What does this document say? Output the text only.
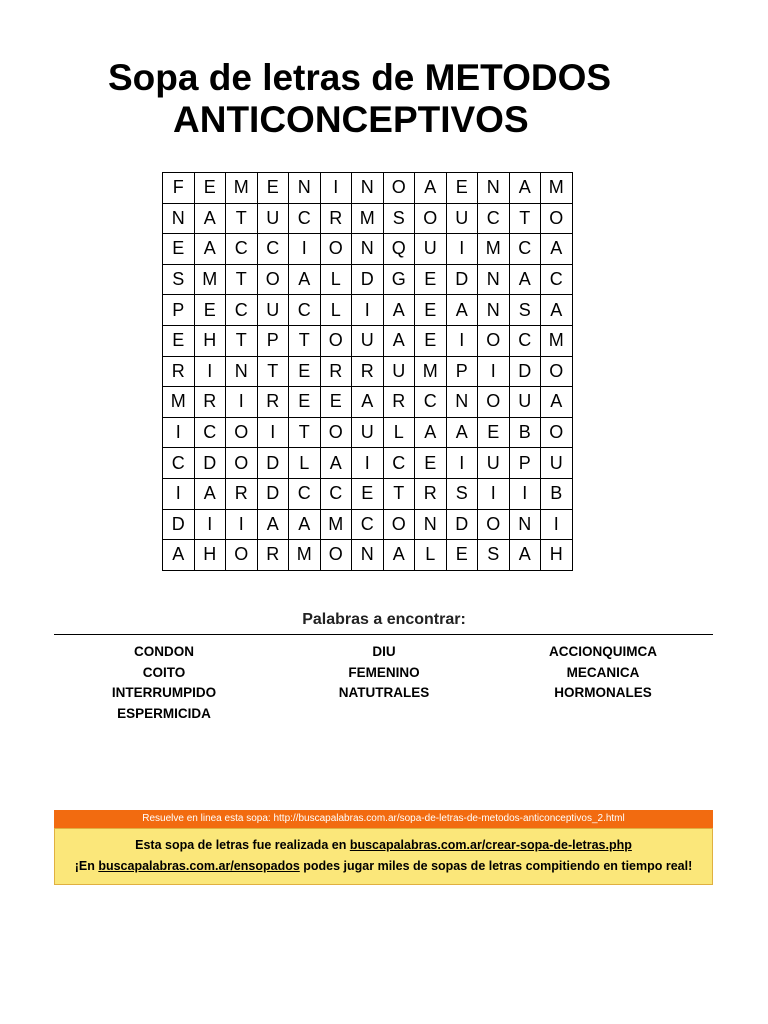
Sopa de letras de METODOS
ANTICONCEPTIVOS
F	E	M	E	N	I	N	O	A	E	N	A	M
N	A	T	U	C	R	M	S	O	U	C	T	O
E	A	C	C	I	O	N	Q	U	I	M	C	A
S	M	T	O	A	L	D	G	E	D	N	A	C
P	E	C	U	C	L	I	A	E	A	N	S	A
E	H	T	P	T	O	U	A	E	I	O	C	M
R	I	N	T	E	R	R	U	M	P	I	D	O
M	R	I	R	E	E	A	R	C	N	O	U	A
I	C	O	I	T	O	U	L	A	A	E	B	O
C	D	O	D	L	A	I	C	E	I	U	P	U
I	A	R	D	C	C	E	T	R	S	I	I	B
D	I	I	A	A	M	C	O	N	D	O	N	I
A	H	O	R	M	O	N	A	L	E	S	A	H
Palabras a encontrar:
CONDON
COITO
INTERRUMPIDO
ESPERMICIDA
DIU
FEMENINO
NATUTRALES
ACCIONQUIMCA
MECANICA
HORMONALES
Resuelve en linea esta sopa: http://buscapalabras.com.ar/sopa-de-letras-de-metodos-anticonceptivos_2.html
Esta sopa de letras fue realizada en buscapalabras.com.ar/crear-sopa-de-letras.php
¡En buscapalabras.com.ar/ensopados podes jugar miles de sopas de letras compitiendo en tiempo real!
